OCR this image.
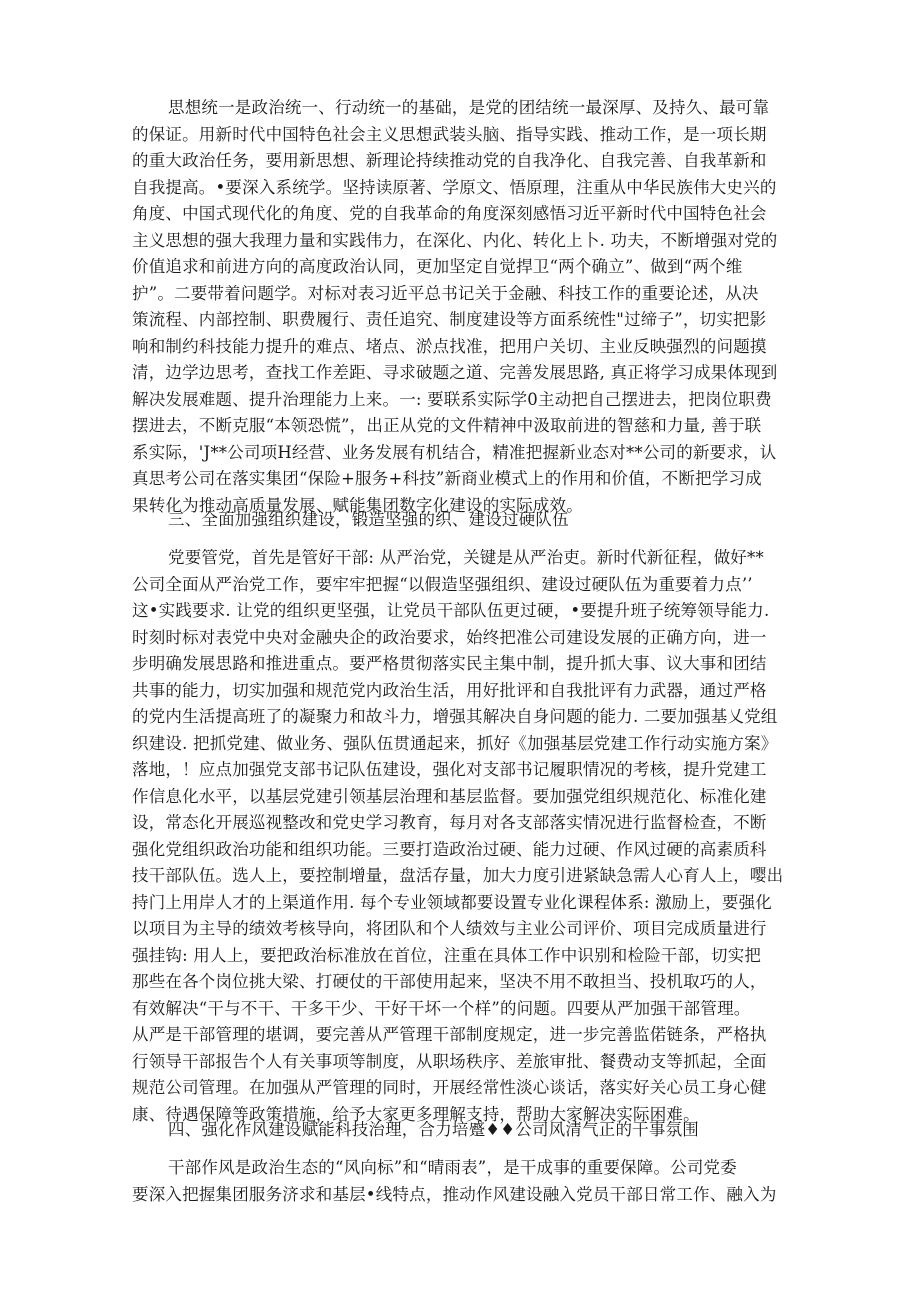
思想统一是政治统一、行动统一的基础，是党的团结统一最深厚、及持久、最可靠
的保证。用新时代中国特色社会主义思想武装头脑、指导实践、推动工作，是一项长期
的重大政治任务，要用新思想、新理论持续推动党的自我净化、自我完善、自我革新和
自我提高。•要深入系统学。坚持读原著、学原文、悟原理，注重从中华民族伟大史兴的
角度、中国式现代化的角度、党的自我革命的角度深刻感悟习近平新时代中国特色社会
主义思想的强大我理力量和实践伟力，在深化、内化、转化上卜. 功夫，不断增强对党的
价值追求和前进方向的高度政治认同，更加坚定自觉捍卫“两个确立”、做到“两个维
护”。二要带着问题学。对标对表习近平总书记关于金融、科技工作的重要论述，从决
策流程、内部控制、职费履行、责任追究、制度建设等方面系统性"过缔子”，切实把影
响和制约科技能力提升的难点、堵点、淤点找准，把用户关切、主业反映强烈的问题摸
清，边学边思考，查找工作差距、寻求破题之道、完善发展思路, 真正将学习成果体现到
解决发展难题、提升治理能力上来。一: 要联系实际学0主动把自己摆进去，把岗位职费
摆进去，不断克服“本领恐慌”，出正从党的文件精神中汲取前进的智慈和力量, 善于联
系实际，'J**公司项H经营、业务发展有机结合，精准把握新业态对**公司的新要求，认
真思考公司在落实集团“保险+服务+科技”新商业模式上的作用和价值，不断把学习成
果转化为推动高质量发展、赋能集团数字化建设的实际成效。
三、全面加强组织建设，锻造坚强的织、建设过硬队伍
党要管党，首先是管好干部: 从严治党，关键是从严治吏。新时代新征程，做好**
公司全面从严治党工作，要牢牢把握“以假造坚强组织、建设过硬队伍为重要着力点’’
这•实践要求. 让党的组织更坚强，让党员干部队伍更过硬，•要提升班子统筹领导能力.
时刻时标对表党中央对金融央企的政治要求，始终把准公司建设发展的正确方向，进一
步明确发展思路和推进重点。要严格贯彻落实民主集中制，提升抓大事、议大事和团结
共事的能力，切实加强和规范党内政治生活，用好批评和自我批评有力武器，通过严格
的党内生活提高班了的凝聚力和故斗力，增强其解决自身问题的能力. 二要加强基乂党组
织建设. 把抓党建、做业务、强队伍贯通起来，抓好《加强基层党建工作行动实施方案》
落地，！应点加强党支部书记队伍建设，强化对支部书记履职情况的考核，提升党建工
作信息化水平，以基层党建引领基层治理和基层监督。要加强党组织规范化、标准化建
设，常态化开展巡视整改和党史学习教育，每月对各支部落实情况进行监督检查，不断
强化党组织政治功能和组织功能。三要打造政治过硬、能力过硬、作风过硬的高素质科
技干部队伍。选人上，要控制增量，盘活存量，加大力度引进紧缺急需人心育人上，嘤出
持门上用岸人才的上渠道作用. 每个专业领域都要设置专业化课程体系: 激励上，要强化
以项目为主导的绩效考核导向，将团队和个人绩效与主业公司评价、项目完成质量进行
强挂钩: 用人上，要把政治标准放在首位，注重在具体工作中识别和检险干部，切实把
那些在各个岗位挑大梁、打硬仗的干部使用起来，坚决不用不敢担当、投机取巧的人，
有效解决“干与不干、干多干少、干好干坏一个样”的问题。四要从严加强干部管理。
从严是干部管理的堪调，要完善从严管理干部制度规定，进一步完善监偌链条，严格执
行领导干部报告个人有关事项等制度，从职场秩序、差旅审批、餐费动支等抓起，全面
规范公司管理。在加强从严管理的同时，开展经常性淡心谈话，落实好关心员工身心健
康、待遇保障等政策措施，给予大家更多理解支持，帮助大家解决实际困难。
四、强化作风建设赋能科技治理，合力培蹙♦♦公司风清气正的干事氛围
干部作风是政治生态的“风向标”和“晴雨表”，是干成事的重要保障。公司党委
要深入把握集团服务济求和基层•线特点，推动作风建设融入党员干部日常工作、融入为
